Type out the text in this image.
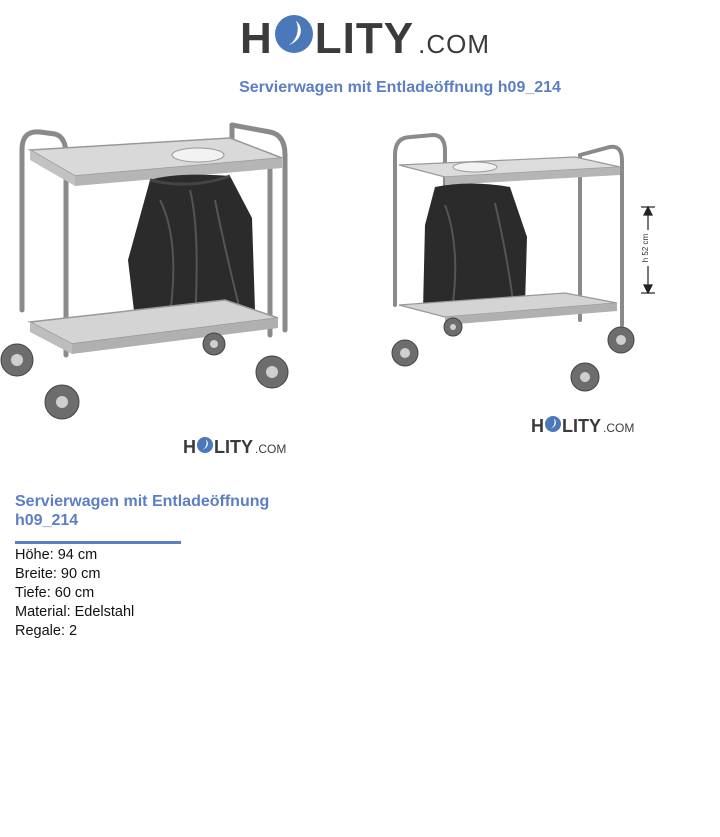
H LITY .COM
Servierwagen mit Entladeöffnung h09_214
H LITY .COM
h 52 cm
H LITY .COM
Servierwagen mit Entladeöffnung h09_214
Höhe: 94 cm
Breite: 90 cm
Tiefe: 60 cm
Material: Edelstahl
Regale: 2
